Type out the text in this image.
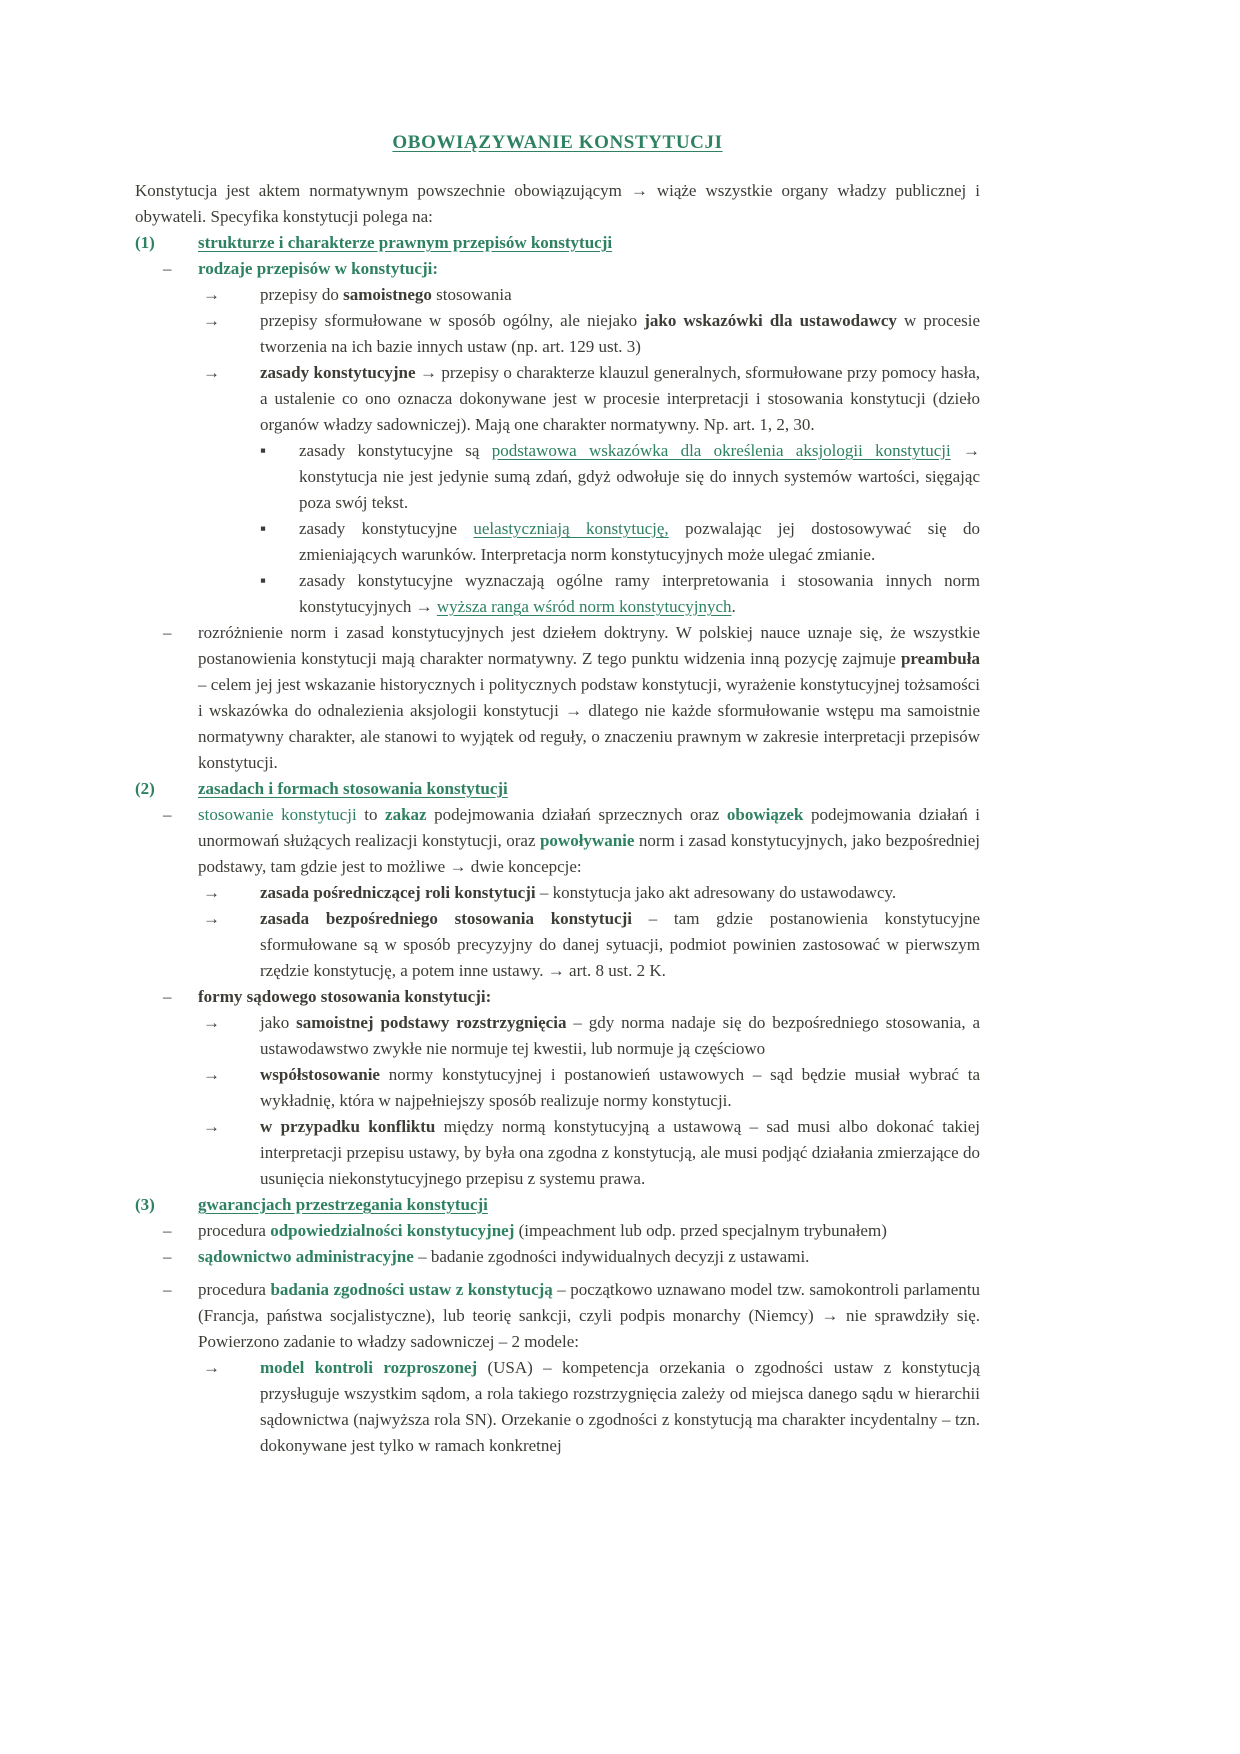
OBOWIĄZYWANIE KONSTYTUCJI
Konstytucja jest aktem normatywnym powszechnie obowiązującym → wiąże wszystkie organy władzy publicznej i obywateli. Specyfika konstytucji polega na:
(1)	strukturze i charakterze prawnym przepisów konstytucji
– rodzaje przepisów w konstytucji:
→ przepisy do samoistnego stosowania
→ przepisy sformułowane w sposób ogólny, ale niejako jako wskazówki dla ustawodawcy w procesie tworzenia na ich bazie innych ustaw (np. art. 129 ust. 3)
→ zasady konstytucyjne → przepisy o charakterze klauzul generalnych, sformułowane przy pomocy hasła, a ustalenie co ono oznacza dokonywane jest w procesie interpretacji i stosowania konstytucji (dzieło organów władzy sadowniczej). Mają one charakter normatywny. Np. art. 1, 2, 30.
▪ zasady konstytucyjne są podstawowa wskazówka dla określenia aksjologii konstytucji → konstytucja nie jest jedynie sumą zdań, gdyż odwołuje się do innych systemów wartości, sięgając poza swój tekst.
▪ zasady konstytucyjne uelastyczniają konstytucję, pozwalając jej dostosowywać się do zmieniających warunków. Interpretacja norm konstytucyjnych może ulegać zmianie.
▪ zasady konstytucyjne wyznaczają ogólne ramy interpretowania i stosowania innych norm konstytucyjnych → wyższa ranga wśród norm konstytucyjnych.
– rozróżnienie norm i zasad konstytucyjnych jest dziełem doktryny. W polskiej nauce uznaje się, że wszystkie postanowienia konstytucji mają charakter normatywny. Z tego punktu widzenia inną pozycję zajmuje preambuła – celem jej jest wskazanie historycznych i politycznych podstaw konstytucji, wyrażenie konstytucyjnej tożsamości i wskazówka do odnalezienia aksjologii konstytucji → dlatego nie każde sformułowanie wstępu ma samoistnie normatywny charakter, ale stanowi to wyjątek od reguły, o znaczeniu prawnym w zakresie interpretacji przepisów konstytucji.
(2)	zasadach i formach stosowania konstytucji
– stosowanie konstytucji to zakaz podejmowania działań sprzecznych oraz obowiązek podejmowania działań i unormowań służących realizacji konstytucji, oraz powoływanie norm i zasad konstytucyjnych, jako bezpośredniej podstawy, tam gdzie jest to możliwe → dwie koncepcje:
→ zasada pośredniczącej roli konstytucji – konstytucja jako akt adresowany do ustawodawcy.
→ zasada bezpośredniego stosowania konstytucji – tam gdzie postanowienia konstytucyjne sformułowane są w sposób precyzyjny do danej sytuacji, podmiot powinien zastosować w pierwszym rzędzie konstytucję, a potem inne ustawy. → art. 8 ust. 2 K.
– formy sądowego stosowania konstytucji:
→ jako samoistnej podstawy rozstrzygnięcia – gdy norma nadaje się do bezpośredniego stosowania, a ustawodawstwo zwykłe nie normuje tej kwestii, lub normuje ją częściowo
→ współstosowanie normy konstytucyjnej i postanowień ustawowych – sąd będzie musiał wybrać ta wykładnię, która w najpełniejszy sposób realizuje normy konstytucji.
→ w przypadku konfliktu między normą konstytucyjną a ustawową – sad musi albo dokonać takiej interpretacji przepisu ustawy, by była ona zgodna z konstytucją, ale musi podjąć działania zmierzające do usunięcia niekonstytucyjnego przepisu z systemu prawa.
(3)	gwarancjach przestrzegania konstytucji
– procedura odpowiedzialności konstytucyjnej (impeachment lub odp. przed specjalnym trybunałem)
– sądownictwo administracyjne – badanie zgodności indywidualnych decyzji z ustawami.
– procedura badania zgodności ustaw z konstytucją – początkowo uznawano model tzw. samokontroli parlamentu (Francja, państwa socjalistyczne), lub teorię sankcji, czyli podpis monarchy (Niemcy) → nie sprawdziły się. Powierzono zadanie to władzy sadowniczej – 2 modele:
→ model kontroli rozproszonej (USA) – kompetencja orzekania o zgodności ustaw z konstytucją przysługuje wszystkim sądom, a rola takiego rozstrzygnięcia zależy od miejsca danego sądu w hierarchii sądownictwa (najwyższa rola SN). Orzekanie o zgodności z konstytucją ma charakter incydentalny – tzn. dokonywane jest tylko w ramach konkretnej
